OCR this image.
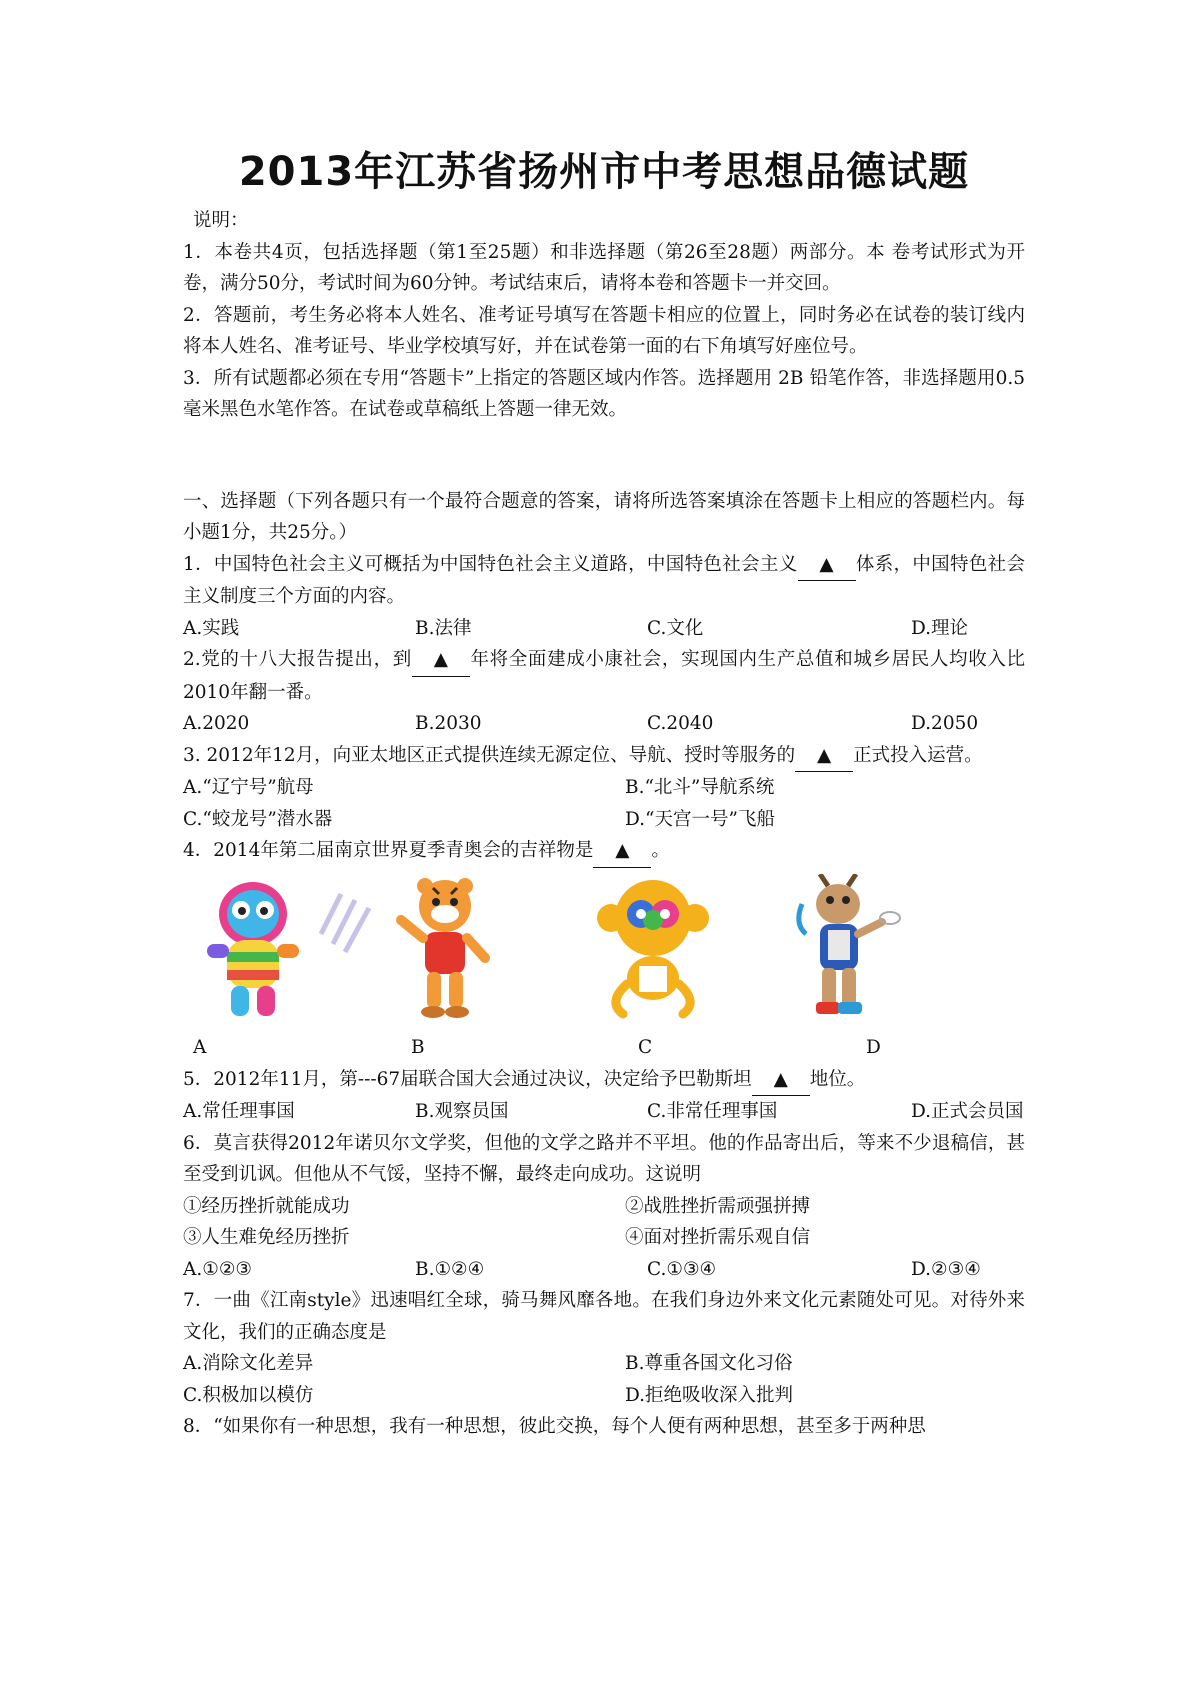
2013年江苏省扬州市中考思想品德试题

说明：

1．本卷共4页，包括选择题（第1至25题）和非选择题（第26至28题）两部分。本 卷考试形式为开卷，满分50分，考试时间为60分钟。考试结束后，请将本卷和答题卡一并交回。

2．答题前，考生务必将本人姓名、准考证号填写在答题卡相应的位置上，同时务必在试卷的装订线内将本人姓名、准考证号、毕业学校填写好，并在试卷第一面的右下角填写好座位号。

3．所有试题都必须在专用“答题卡”上指定的答题区域内作答。选择题用 2B 铅笔作答，非选择题用0.5毫米黑色水笔作答。在试卷或草稿纸上答题一律无效。

一、选择题（下列各题只有一个最符合题意的答案，请将所选答案填涂在答题卡上相应的答题栏内。每小题1分，共25分。）

1．中国特色社会主义可概括为中国特色社会主义道路，中国特色社会主义 ▲ 体系，中国特色社会主义制度三个方面的内容。

A.实践	B.法律	C.文化	D.理论

2.党的十八大报告提出，到 ▲ 年将全面建成小康社会，实现国内生产总值和城乡居民人均收入比2010年翻一番。

A.2020	B.2030	C.2040	D.2050

3. 2012年12月，向亚太地区正式提供连续无源定位、导航、授时等服务的 ▲ 正式投入运营。

A.“辽宁号”航母	B.“北斗”导航系统
C.“蛟龙号”潜水器	D.“天宫一号”飞船

4．2014年第二届南京世界夏季青奥会的吉祥物是 ▲ 。

A	B	C	D

5．2012年11月，第---67届联合国大会通过决议，决定给予巴勒斯坦 ▲ 地位。

A.常任理事国	B.观察员国	C.非常任理事国	D.正式会员国

6．莫言获得2012年诺贝尔文学奖，但他的文学之路并不平坦。他的作品寄出后，等来不少退稿信，甚至受到讥讽。但他从不气馁，坚持不懈，最终走向成功。这说明

①经历挫折就能成功	②战胜挫折需顽强拼搏
③人生难免经历挫折	④面对挫折需乐观自信
A.①②③	B.①②④	C.①③④	D.②③④

7．一曲《江南style》迅速唱红全球，骑马舞风靡各地。在我们身边外来文化元素随处可见。对待外来文化，我们的正确态度是

A.消除文化差异	B.尊重各国文化习俗
C.积极加以模仿	D.拒绝吸收深入批判

8．“如果你有一种思想，我有一种思想，彼此交换，每个人便有两种思想，甚至多于两种思
